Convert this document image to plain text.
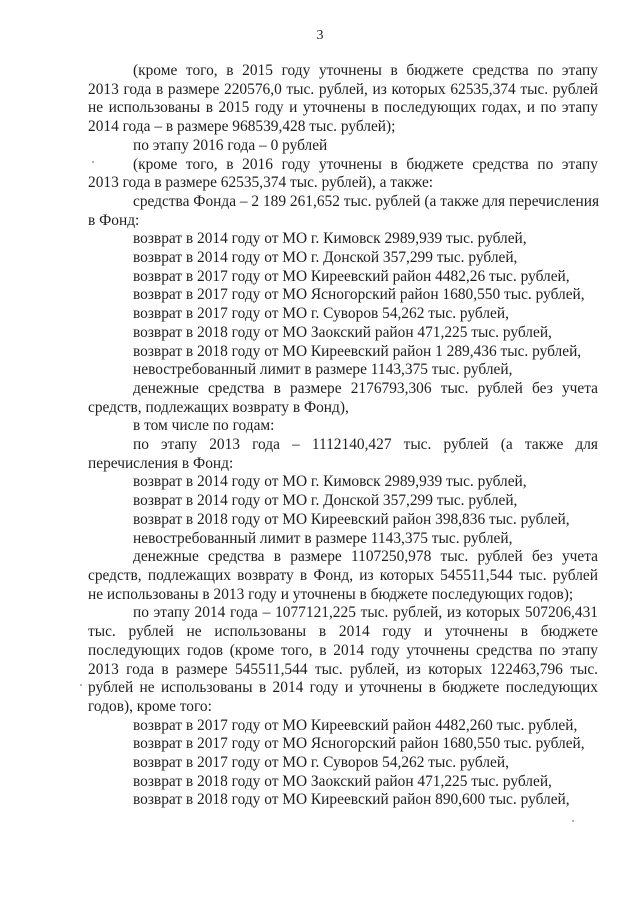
3
(кроме того, в 2015 году уточнены в бюджете средства по этапу
2013 года в размере 220576,0 тыс. рублей, из которых 62535,374 тыс. рублей
не использованы в 2015 году и уточнены в последующих годах, и по этапу
2014 года – в размере 968539,428 тыс. рублей);
по этапу 2016 года – 0 рублей
(кроме того, в 2016 году уточнены в бюджете средства по этапу
2013 года в размере 62535,374 тыс. рублей), а также:
средства Фонда – 2 189 261,652 тыс. рублей (а также для перечисления
в Фонд:
возврат в 2014 году от МО г. Кимовск 2989,939 тыс. рублей,
возврат в 2014 году от МО г. Донской 357,299 тыс. рублей,
возврат в 2017 году от МО Киреевский район 4482,26 тыс. рублей,
возврат в 2017 году от МО Ясногорский район 1680,550 тыс. рублей,
возврат в 2017 году от МО г. Суворов 54,262 тыс. рублей,
возврат в 2018 году от МО Заокский район 471,225 тыс. рублей,
возврат в 2018 году от МО Киреевский район 1 289,436 тыс. рублей,
невостребованный лимит в размере 1143,375 тыс. рублей,
денежные средства в размере 2176793,306 тыс. рублей без учета
средств, подлежащих возврату в Фонд),
в том числе по годам:
по этапу 2013 года – 1112140,427 тыс. рублей (а также для
перечисления в Фонд:
возврат в 2014 году от МО г. Кимовск 2989,939 тыс. рублей,
возврат в 2014 году от МО г. Донской 357,299 тыс. рублей,
возврат в 2018 году от МО Киреевский район 398,836 тыс. рублей,
невостребованный лимит в размере 1143,375 тыс. рублей,
денежные средства в размере 1107250,978 тыс. рублей без учета
средств, подлежащих возврату в Фонд, из которых 545511,544 тыс. рублей
не использованы в 2013 году и уточнены в бюджете последующих годов);
по этапу 2014 года – 1077121,225 тыс. рублей, из которых 507206,431
тыс. рублей не использованы в 2014 году и уточнены в бюджете
последующих годов (кроме того, в 2014 году уточнены средства по этапу
2013 года в размере 545511,544 тыс. рублей, из которых 122463,796 тыс.
рублей не использованы в 2014 году и уточнены в бюджете последующих
годов), кроме того:
возврат в 2017 году от МО Киреевский район 4482,260 тыс. рублей,
возврат в 2017 году от МО Ясногорский район 1680,550 тыс. рублей,
возврат в 2017 году от МО г. Суворов 54,262 тыс. рублей,
возврат в 2018 году от МО Заокский район 471,225 тыс. рублей,
возврат в 2018 году от МО Киреевский район 890,600 тыс. рублей,
